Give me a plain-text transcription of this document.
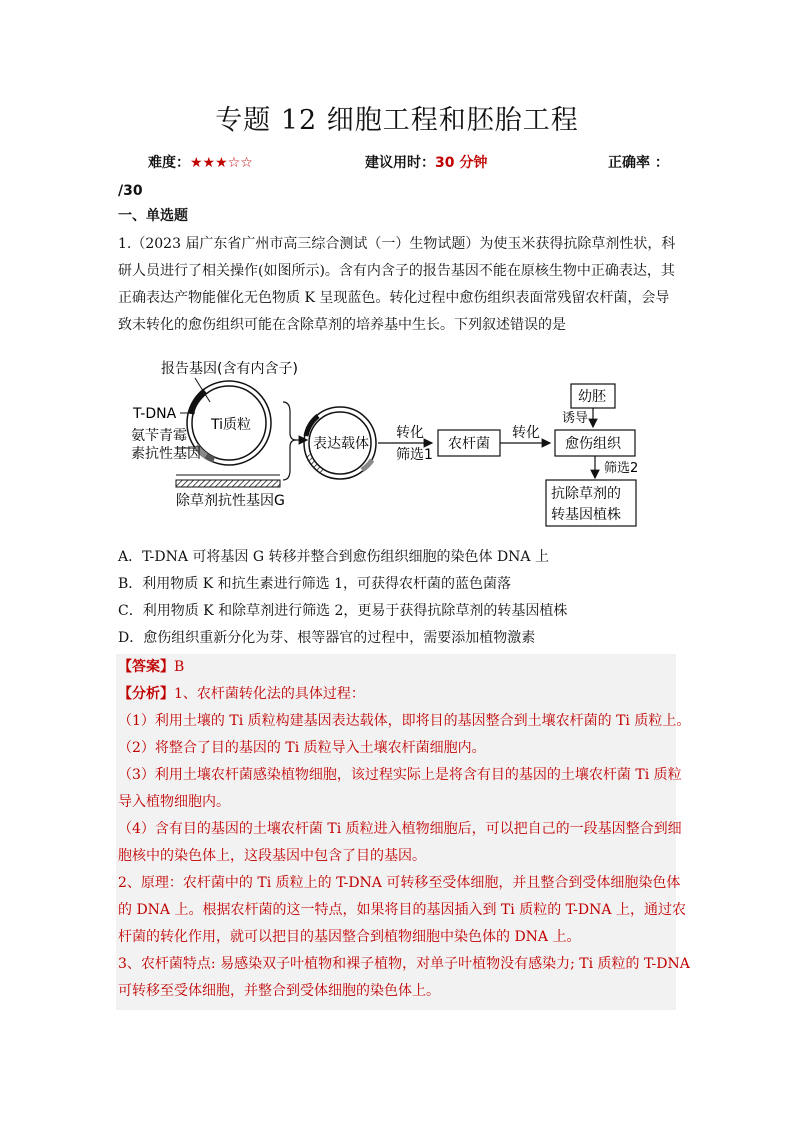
专题 12 细胞工程和胚胎工程
难度：★★★☆☆	建议用时：30 分钟	正确率 ：
/30
一、单选题
1.（2023 届广东省广州市高三综合测试（一）生物试题）为使玉米获得抗除草剂性状，科
研人员进行了相关操作(如图所示)。含有内含子的报告基因不能在原核生物中正确表达，其
正确表达产物能催化无色物质 K 呈现蓝色。转化过程中愈伤组织表面常残留农杆菌，会导
致未转化的愈伤组织可能在含除草剂的培养基中生长。下列叙述错误的是
Ti质粒
报告基因(含有内含子)
T-DNA
氨苄青霉
素抗性基因
除草剂抗性基因G
表达载体
转化
筛选1
农杆菌
转化
愈伤组织
幼胚
诱导
筛选2
抗除草剂的
转基因植株
A．T-DNA 可将基因 G 转移并整合到愈伤组织细胞的染色体 DNA 上
B．利用物质 K 和抗生素进行筛选 1，可获得农杆菌的蓝色菌落
C．利用物质 K 和除草剂进行筛选 2，更易于获得抗除草剂的转基因植株
D．愈伤组织重新分化为芽、根等器官的过程中，需要添加植物激素
【答案】B
【分析】1、农杆菌转化法的具体过程：
（1）利用土壤的 Ti 质粒构建基因表达载体，即将目的基因整合到土壤农杆菌的 Ti 质粒上。
（2）将整合了目的基因的 Ti 质粒导入土壤农杆菌细胞内。
（3）利用土壤农杆菌感染植物细胞，该过程实际上是将含有目的基因的土壤农杆菌 Ti 质粒
导入植物细胞内。
（4）含有目的基因的土壤农杆菌 Ti 质粒进入植物细胞后，可以把自己的一段基因整合到细
胞核中的染色体上，这段基因中包含了目的基因。
2、原理：农杆菌中的 Ti 质粒上的 T-DNA 可转移至受体细胞，并且整合到受体细胞染色体
的 DNA 上。根据农杆菌的这一特点，如果将目的基因插入到 Ti 质粒的 T-DNA 上，通过农
杆菌的转化作用，就可以把目的基因整合到植物细胞中染色体的 DNA 上。
3、农杆菌特点: 易感染双子叶植物和裸子植物，对单子叶植物没有感染力; Ti 质粒的 T-DNA
可转移至受体细胞，并整合到受体细胞的染色体上。
